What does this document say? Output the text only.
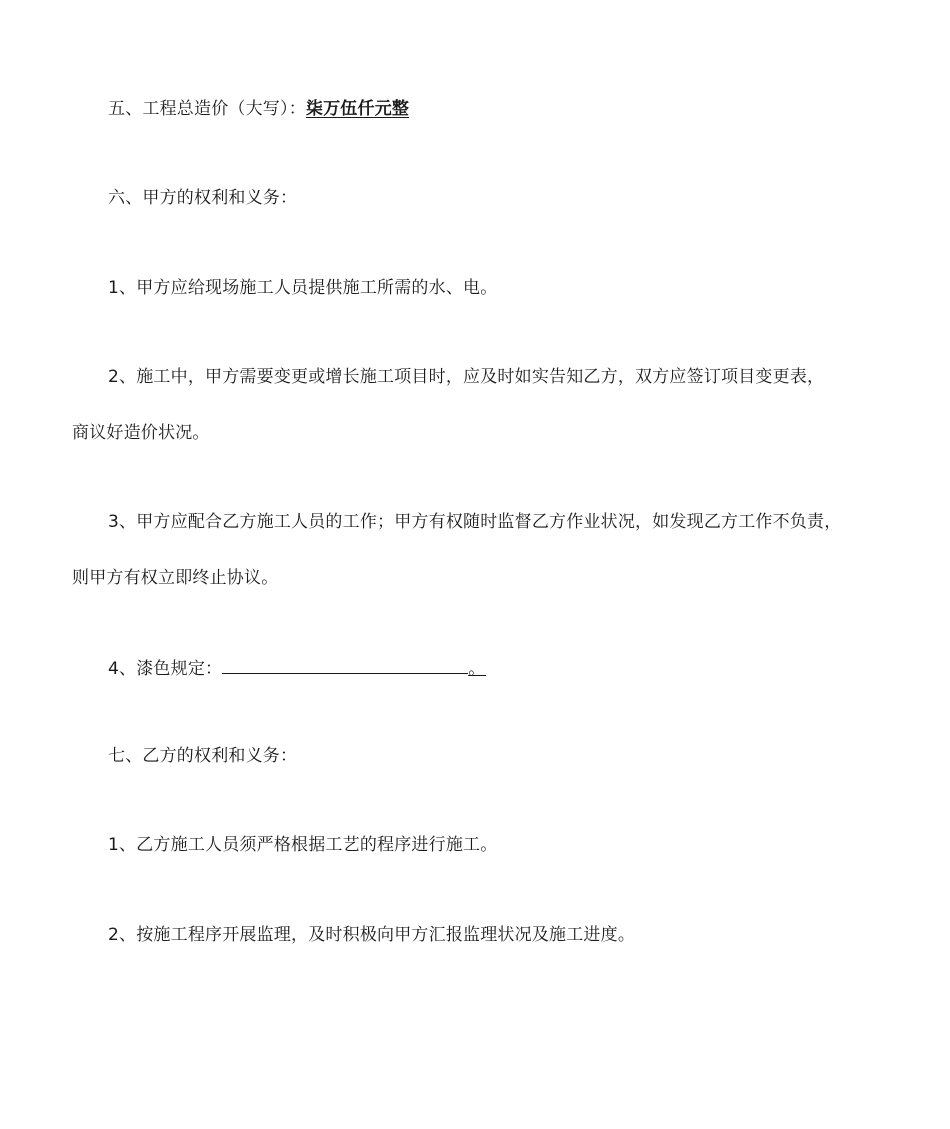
五、工程总造价（大写）：柒万伍仟元整
六、甲方的权利和义务：
1、甲方应给现场施工人员提供施工所需的水、电。
2、施工中，甲方需要变更或增长施工项目时，应及时如实告知乙方，双方应签订项目变更表，
商议好造价状况。
3、甲方应配合乙方施工人员的工作；甲方有权随时监督乙方作业状况，如发现乙方工作不负责，
则甲方有权立即终止协议。
4、漆色规定：	。
七、乙方的权利和义务：
1、乙方施工人员须严格根据工艺的程序进行施工。
2、按施工程序开展监理，及时积极向甲方汇报监理状况及施工进度。
